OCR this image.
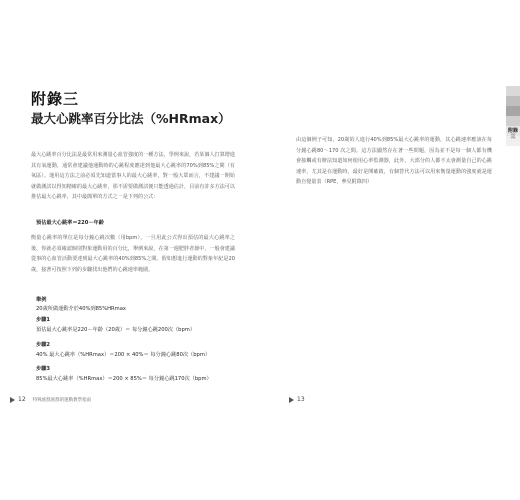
附錄三
最大心跳率百分比法（%HRmax）

最大心跳率百分比法是最常用來測量心血管強度的一種方法，學例來說，若某個人打算增進其有氧運動，通常會建議他運動時的心跳程度應達到他最大心跳率的70%到85%之間（有氧區）。運用這方法之前必須先知道當事人的最大心跳率，對一般大眾而言，不建議一開始就做測試以得知精確的最大心跳率，那不需要做測試便只能透過估計，目前有許多方法可以推估最大心跳率，其中最簡單的方式之一是下列的公式：

預估最大心跳率＝220－年齡

衡量心跳率的單位是每分鐘心跳次數（用bpm），一旦用此公式得出預估的最大心跳率之後，你就必須確認個別對象運動用的百分比，舉例來說，在第一週肥胖者節中，一般會建議從事的心血管活動要達到最大心跳率的40%到85%之間。假如想進行運動的對象年紀是20歲，接著可按照下列的步驟找出他們的心跳速率範圍。

舉例
20歲所做運動介於40%到85%HRmax
步驟1
預估最大心跳率是220－年齡（20歲）＝ 每分鐘心跳200次（bpm）
步驟2
40% 最大心跳率（%HRmax）＝200 × 40%＝ 每分鐘心跳80次（bpm）
步驟3
85%最大心跳率（%HRmax）＝200 × 85%＝ 每分鐘心跳170次（bpm）
12 特殊族群族群的運動教學指南

由這個例子可知，20歲的人進行40%到85%最大心跳率的運動，其心跳速率應該在每分鐘心跳80～170 次之間。這方法顯然存在著一些問題，因為並不是每一個人都有機會接觸或有辦法知道如何使用心率監測器，此外，大部分的人都不太會測量自己的心跳速率，尤其是在運動時，最好是開確啟，有個替代方法可以用來衡量運動的強度就是運動自覺量表（RPE，參見附錄四）

13
附錄三
